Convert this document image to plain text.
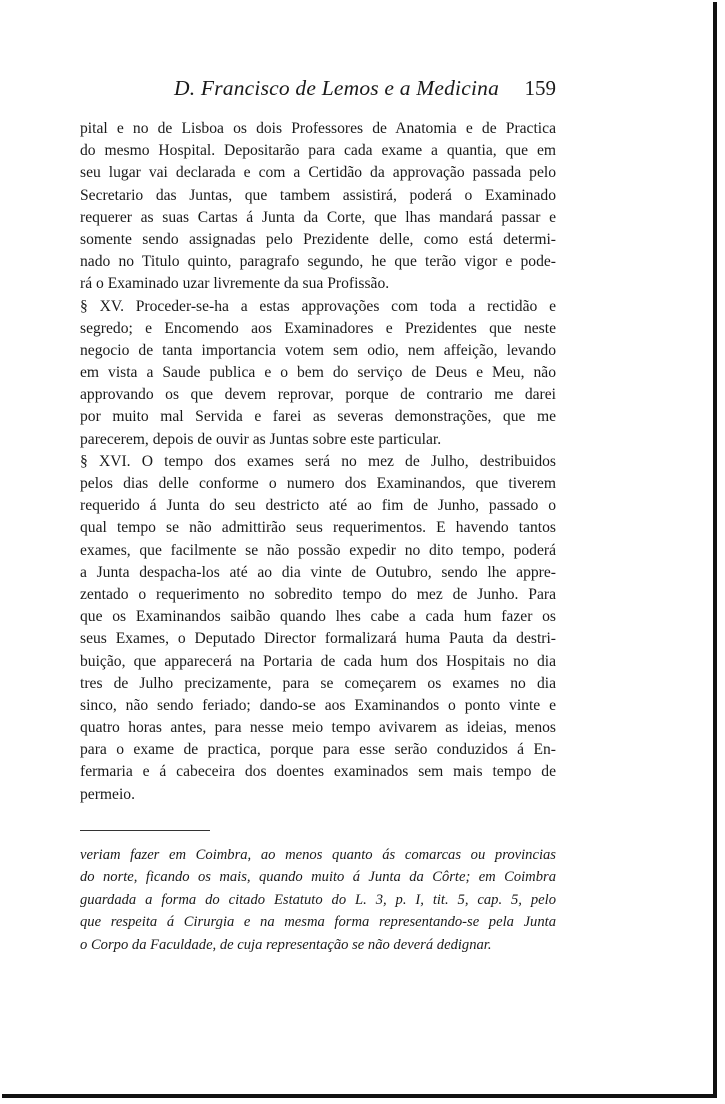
D. Francisco de Lemos e a Medicina 159
pital e no de Lisboa os dois Professores de Anatomia e de Practica
do mesmo Hospital. Depositarão para cada exame a quantia, que em
seu lugar vai declarada e com a Certidão da approvação passada pelo
Secretario das Juntas, que tambem assistirá, poderá o Examinado
requerer as suas Cartas á Junta da Corte, que lhas mandará passar e
somente sendo assignadas pelo Prezidente delle, como está determi-
nado no Titulo quinto, paragrafo segundo, he que terão vigor e pode-
rá o Examinado uzar livremente da sua Profissão.
§ XV. Proceder-se-ha a estas approvações com toda a rectidão e
segredo; e Encomendo aos Examinadores e Prezidentes que neste
negocio de tanta importancia votem sem odio, nem affeição, levando
em vista a Saude publica e o bem do serviço de Deus e Meu, não
approvando os que devem reprovar, porque de contrario me darei
por muito mal Servida e farei as severas demonstrações, que me
parecerem, depois de ouvir as Juntas sobre este particular.
§ XVI. O tempo dos exames será no mez de Julho, destribuidos
pelos dias delle conforme o numero dos Examinandos, que tiverem
requerido á Junta do seu destricto até ao fim de Junho, passado o
qual tempo se não admittirão seus requerimentos. E havendo tantos
exames, que facilmente se não possão expedir no dito tempo, poderá
a Junta despacha-los até ao dia vinte de Outubro, sendo lhe appre-
zentado o requerimento no sobredito tempo do mez de Junho. Para
que os Examinandos saibão quando lhes cabe a cada hum fazer os
seus Exames, o Deputado Director formalizará huma Pauta da destri-
buição, que apparecerá na Portaria de cada hum dos Hospitais no dia
tres de Julho precizamente, para se começarem os exames no dia
sinco, não sendo feriado; dando-se aos Examinandos o ponto vinte e
quatro horas antes, para nesse meio tempo avivarem as ideias, menos
para o exame de practica, porque para esse serão conduzidos á En-
fermaria e á cabeceira dos doentes examinados sem mais tempo de
permeio.
veriam fazer em Coimbra, ao menos quanto ás comarcas ou provincias
do norte, ficando os mais, quando muito á Junta da Côrte; em Coimbra
guardada a forma do citado Estatuto do L. 3, p. I, tit. 5, cap. 5, pelo
que respeita á Cirurgia e na mesma forma representando-se pela Junta
o Corpo da Faculdade, de cuja representação se não deverá dedignar.
